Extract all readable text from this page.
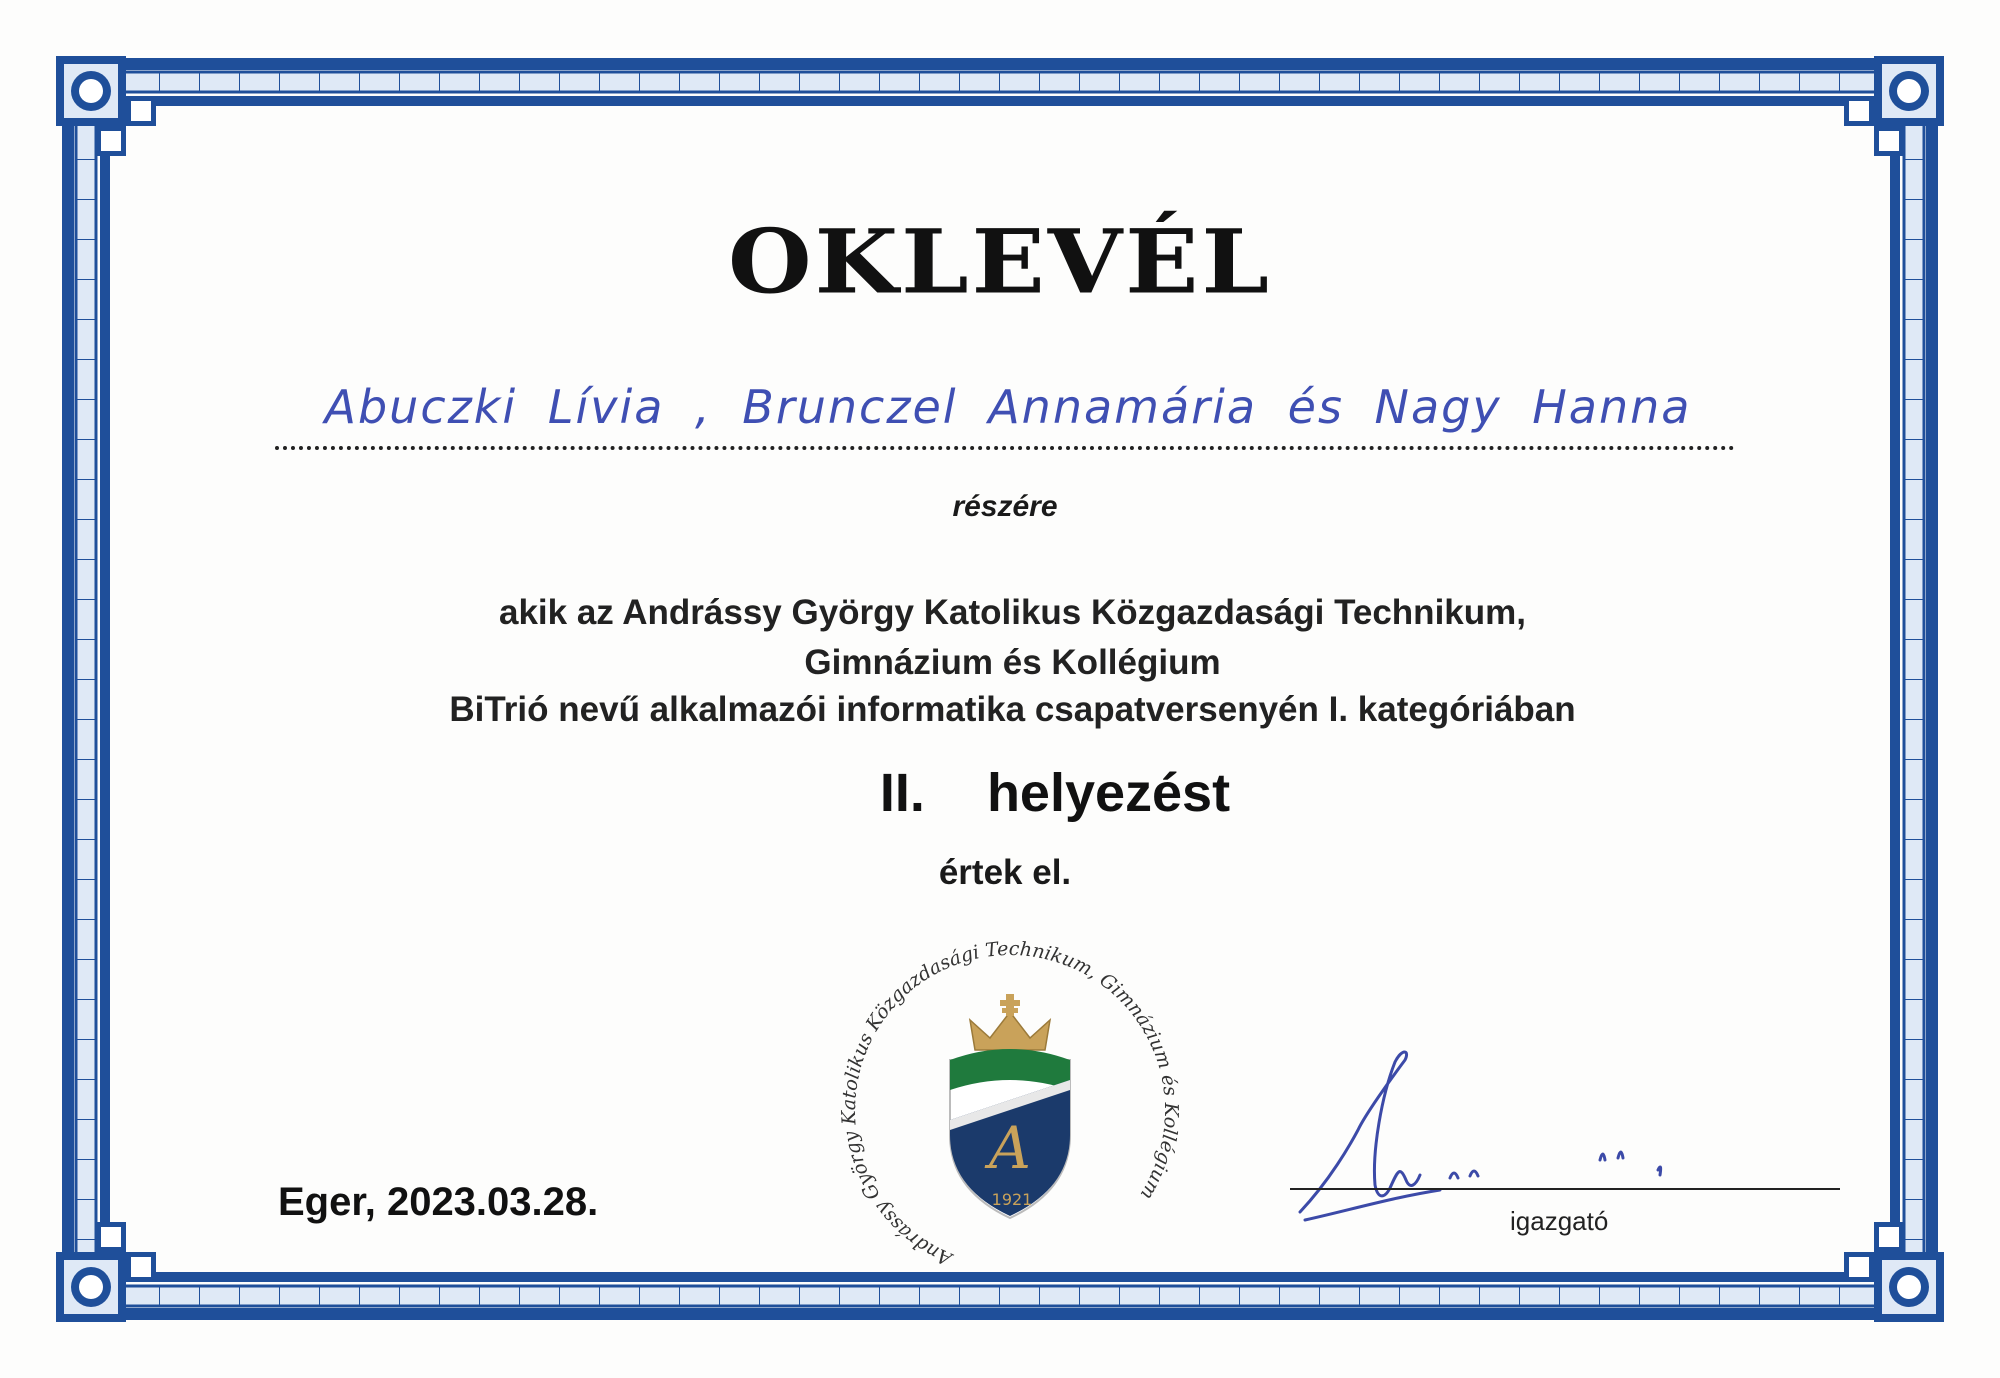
OKLEVÉL
Abuczki Lívia , Brunczel Annamária és Nagy Hanna
részére
akik az Andrássy György Katolikus Közgazdasági Technikum,
Gimnázium és Kollégium
BiTrió nevű alkalmazói informatika csapatversenyén I. kategóriában
II. helyezést
értek el.
Eger, 2023.03.28.
Andrássy György Katolikus Közgazdasági Technikum, Gimnázium és Kollégium
A
1921
igazgató
